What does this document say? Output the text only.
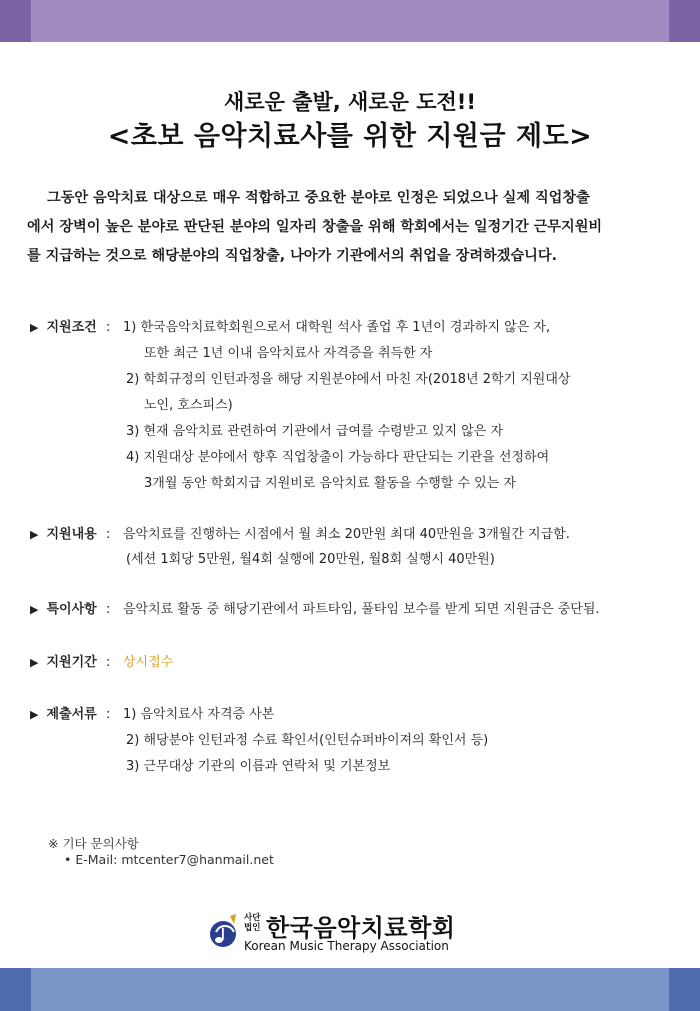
새로운 출발, 새로운 도전!!
<초보 음악치료사를 위한 지원금 제도>
그동안 음악치료 대상으로 매우 적합하고 중요한 분야로 인정은 되었으나 실제 직업창출
에서 장벽이 높은 분야로 판단된 분야의 일자리 창출을 위해 학회에서는 일정기간 근무지원비
를 지급하는 것으로 해당분야의 직업창출, 나아가 기관에서의 취업을 장려하겠습니다.
▶ 지원조건 : 1) 한국음악치료학회원으로서 대학원 석사 졸업 후 1년이 경과하지 않은 자,
또한 최근 1년 이내 음악치료사 자격증을 취득한 자
2) 학회규정의 인턴과정을 해당 지원분야에서 마친 자(2018년 2학기 지원대상
노인, 호스피스)
3) 현재 음악치료 관련하여 기관에서 급여를 수령받고 있지 않은 자
4) 지원대상 분야에서 향후 직업창출이 가능하다 판단되는 기관을 선정하여
3개월 동안 학회지급 지원비로 음악치료 활동을 수행할 수 있는 자
▶ 지원내용 : 음악치료를 진행하는 시점에서 월 최소 20만원 최대 40만원을 3개월간 지급함.
(세션 1회당 5만원, 월4회 실행에 20만원, 월8회 실행시 40만원)
▶ 특이사항 : 음악치료 활동 중 해당기관에서 파트타임, 풀타임 보수를 받게 되면 지원금은 중단됨.
▶ 지원기간 : 상시접수
▶ 제출서류 : 1) 음악치료사 자격증 사본
2) 해당분야 인턴과정 수료 확인서(인턴슈퍼바이져의 확인서 등)
3) 근무대상 기관의 이름과 연락처 및 기본정보
※ 기타 문의사항
• E-Mail: mtcenter7@hanmail.net
사단
법인 한국음악치료학회
Korean Music Therapy Association
